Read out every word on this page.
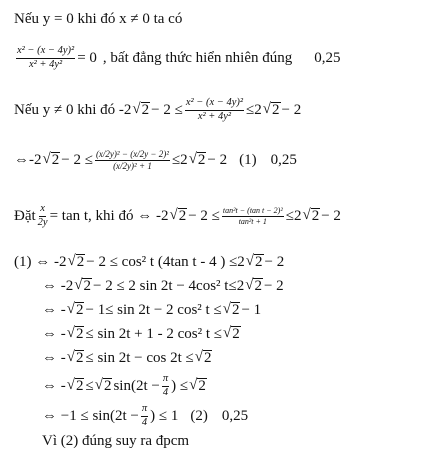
Nếu y = 0 khi đó x ≠ 0 ta có
$\frac{\text{x² − (x − 4y)²}}{\text{x² + 4y²}} = 0$ , bất đẳng thức hiển nhiên đúng 0,25
Nếu y ≠ 0 khi đó -2 √ $2 - 2 \le \frac{\text{x² − (x − 4y)²}}{\text{x² + 4y²}} \le 2$ √ 2 − 2
⇔-2 √ $2 - 2 \le \frac{\text{(x/2y)² − (x/2y − 2)²}}{\text{(x/2y)² + 1}} \le 2$ √ 2 − 2 (1) 0,25
Đặt $\frac{x}{2y} = \tan t$, khi đó ⇔ -2 √ $2 - 2 \le \frac{\text{tan²t − (tan t − 2)²}}{\text{tan²t + 1}} \le 2$ √ 2 − 2
(1) ⇔ -2 √ 2 − 2 ≤ cos² t (4tan t - 4 ) ≤2 √ 2 − 2
⇔ -2 √ 2 − 2 ≤ 2 sin 2t − 4cos² t≤2 √ 2 − 2
⇔ - √ 2 − 1≤ sin 2t − 2 cos² t ≤ √ 2 − 1
⇔ - √ 2 ≤ sin 2t + 1 - 2 cos² t ≤ √ 2
⇔ - √ 2 ≤ sin 2t − cos 2t ≤ √ 2
⇔ - √ 2 ≤ √ 2 $\sin(2t - \frac{\pi}{4}$ ) ≤ √ 2
⇔ $-1 \le \sin(2t - \frac{\pi}{4}$ ) ≤ 1 (2) 0,25
Vì (2) đúng suy ra đpcm
